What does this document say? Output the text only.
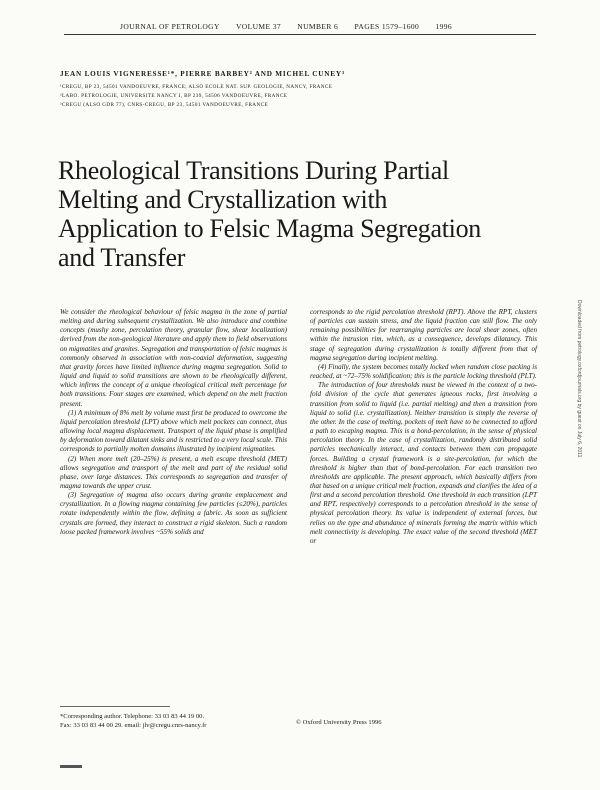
JOURNAL OF PETROLOGY VOLUME 37 NUMBER 6 PAGES 1579–1600 1996
JEAN LOUIS VIGNERESSE¹*, PIERRE BARBEY² AND MICHEL CUNEY³
¹CREGU, BP 23, 54501 VANDOEUVRE, FRANCE; ALSO ECOLE NAT. SUP. GEOLOGIE, NANCY, FRANCE
²LABO. PETROLOGIE, UNIVERSITE NANCY I, BP 239, 54506 VANDOEUVRE, FRANCE
³CREGU (ALSO GDR 77), CNRS-CREGU, BP 23, 54501 VANDOEUVRE, FRANCE
Rheological Transitions During Partial Melting and Crystallization with Application to Felsic Magma Segregation and Transfer

We consider the rheological behaviour of felsic magma in the zone of partial melting and during subsequent crystallization. We also introduce and combine concepts (mushy zone, percolation theory, granular flow, shear localization) derived from the non-geological literature and apply them to field observations on migmatites and granites. Segregation and transportation of felsic magmas is commonly observed in association with non-coaxial deformation, suggesting that gravity forces have limited influence during magma segregation. Solid to liquid and liquid to solid transitions are shown to be rheologically different, which infirms the concept of a unique rheological critical melt percentage for both transitions. Four stages are examined, which depend on the melt fraction present.

(1) A minimum of 8% melt by volume must first be produced to overcome the liquid percolation threshold (LPT) above which melt pockets can connect, thus allowing local magma displacement. Transport of the liquid phase is amplified by deformation toward dilatant sinks and is restricted to a very local scale. This corresponds to partially molten domains illustrated by incipient migmatites.

(2) When more melt (20–25%) is present, a melt escape threshold (MET) allows segregation and transport of the melt and part of the residual solid phase, over large distances. This corresponds to segregation and transfer of magma towards the upper crust.

(3) Segregation of magma also occurs during granite emplacement and crystallization. In a flowing magma containing few particles (≤20%), particles rotate independently within the flow, defining a fabric. As soon as sufficient crystals are formed, they interact to construct a rigid skeleton. Such a random loose packed framework involves ~55% solids and

corresponds to the rigid percolation threshold (RPT). Above the RPT, clusters of particles can sustain stress, and the liquid fraction can still flow. The only remaining possibilities for rearranging particles are local shear zones, often within the intrusion rim, which, as a consequence, develops dilatancy. This stage of segregation during crystallization is totally different from that of magma segregation during incipient melting.

(4) Finally, the system becomes totally locked when random close packing is reached, at ~72–75% solidification; this is the particle locking threshold (PLT).

The introduction of four thresholds must be viewed in the context of a two-fold division of the cycle that generates igneous rocks, first involving a transition from solid to liquid (i.e. partial melting) and then a transition from liquid to solid (i.e. crystallization). Neither transition is simply the reverse of the other. In the case of melting, pockets of melt have to be connected to afford a path to escaping magma. This is a bond-percolation, in the sense of physical percolation theory. In the case of crystallization, randomly distributed solid particles mechanically interact, and contacts between them can propagate forces. Building a crystal framework is a site-percolation, for which the threshold is higher than that of bond-percolation. For each transition two thresholds are applicable. The present approach, which basically differs from that based on a unique critical melt fraction, expands and clarifies the idea of a first and a second percolation threshold. One threshold in each transition (LPT and RPT, respectively) corresponds to a percolation threshold in the sense of physical percolation theory. Its value is independent of external forces, but relies on the type and abundance of minerals forming the matrix within which melt connectivity is developing. The exact value of the second threshold (MET or

*Corresponding author. Telephone: 33 03 83 44 19 00.
Fax: 33 03 83 44 00 29. email: jlv@cregu.cnrs-nancy.fr	© Oxford University Press 1996
Downloaded from petrology.oxfordjournals.org by guest on July 6, 2011
